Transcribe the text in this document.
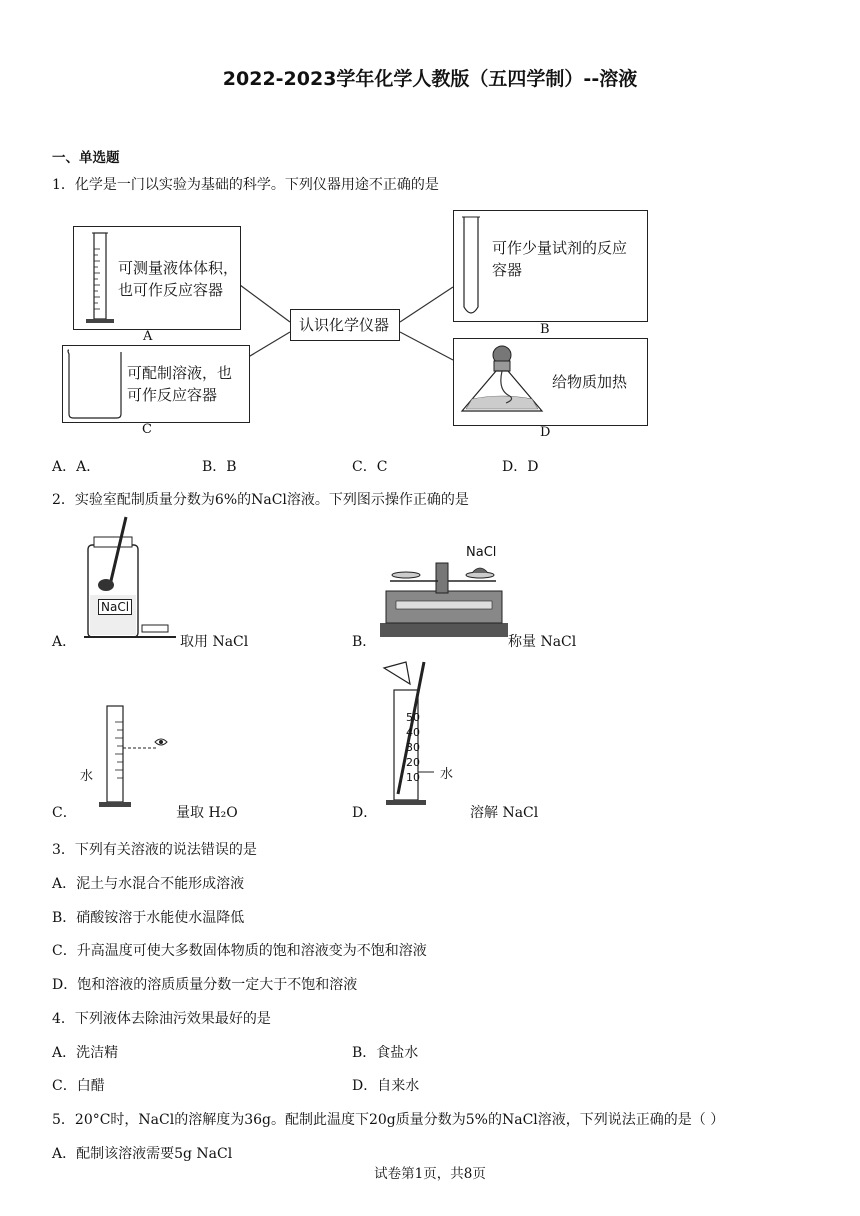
2022-2023学年化学人教版（五四学制）--溶液
一、单选题
1．化学是一门以实验为基础的科学。下列仪器用途不正确的是
可测量液体体积，
也可作反应容器
A
认识化学仪器
可作少量试剂的反应
容器
B
可配制溶液，也
可作反应容器
C
给物质加热
D
A．A．	B．B	C．C	D．D
2．实验室配制质量分数为6%的NaCl溶液。下列图示操作正确的是
A．
NaCl
取用 NaCl	B．
NaCl
称量 NaCl
C．
水
量取 H₂O	D．
50
40
30
20
10 水
溶解 NaCl
3．下列有关溶液的说法错误的是
A．泥土与水混合不能形成溶液
B．硝酸铵溶于水能使水温降低
C．升高温度可使大多数固体物质的饱和溶液变为不饱和溶液
D．饱和溶液的溶质质量分数一定大于不饱和溶液
4．下列液体去除油污效果最好的是
A．洗洁精	B．食盐水
C．白醋	D．自来水
5．20°C时，NaCl的溶解度为36g。配制此温度下20g质量分数为5%的NaCl溶液，下列说法正确的是（ ）
A．配制该溶液需要5g NaCl
试卷第1页，共8页
